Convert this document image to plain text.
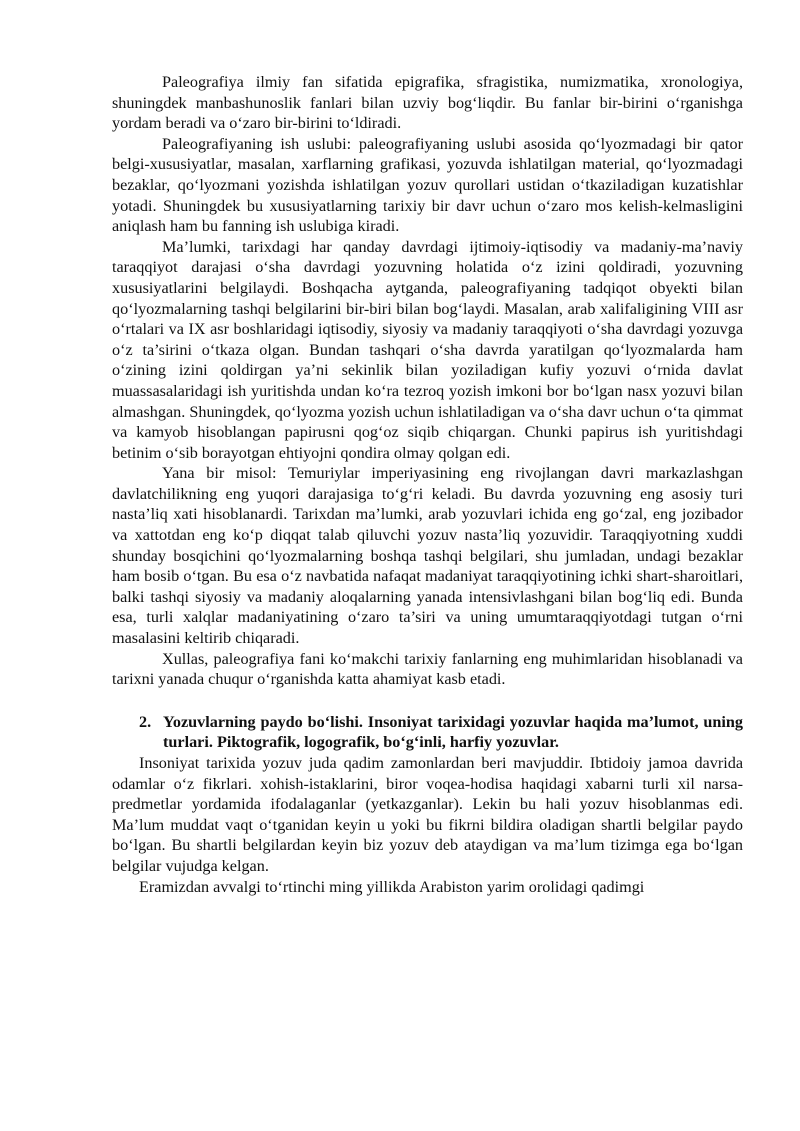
Paleografiya ilmiy fan sifatida epigrafika, sfragistika, numizmatika, xronologiya, shuningdek manbashunoslik fanlari bilan uzviy bog‘liqdir. Bu fanlar bir-birini o‘rganishga yordam beradi va o‘zaro bir-birini to‘ldiradi.

Paleografiyaning ish uslubi: paleografiyaning uslubi asosida qo‘lyozmadagi bir qator belgi-xususiyatlar, masalan, xarflarning grafikasi, yozuvda ishlatilgan material, qo‘lyozmadagi bezaklar, qo‘lyozmani yozishda ishlatilgan yozuv qurollari ustidan o‘tkaziladigan kuzatishlar yotadi. Shuningdek bu xususiyatlarning tarixiy bir davr uchun o‘zaro mos kelish-kelmasligini aniqlash ham bu fanning ish uslubiga kiradi.

Ma’lumki, tarixdagi har qanday davrdagi ijtimoiy-iqtisodiy va madaniy-ma’naviy taraqqiyot darajasi o‘sha davrdagi yozuvning holatida o‘z izini qoldiradi, yozuvning xususiyatlarini belgilaydi. Boshqacha aytganda, paleografiyaning tadqiqot obyekti bilan qo‘lyozmalarning tashqi belgilarini bir-biri bilan bog‘laydi. Masalan, arab xalifaligining VIII asr o‘rtalari va IX asr boshlaridagi iqtisodiy, siyosiy va madaniy taraqqiyoti o‘sha davrdagi yozuvga o‘z ta’sirini o‘tkaza olgan. Bundan tashqari o‘sha davrda yaratilgan qo‘lyozmalarda ham o‘zining izini qoldirgan ya’ni sekinlik bilan yoziladigan kufiy yozuvi o‘rnida davlat muassasalaridagi ish yuritishda undan ko‘ra tezroq yozish imkoni bor bo‘lgan nasx yozuvi bilan almashgan. Shuningdek, qo‘lyozma yozish uchun ishlatiladigan va o‘sha davr uchun o‘ta qimmat va kamyob hisoblangan papirusni qog‘oz siqib chiqargan. Chunki papirus ish yuritishdagi betinim o‘sib borayotgan ehtiyojni qondira olmay qolgan edi.

Yana bir misol: Temuriylar imperiyasining eng rivojlangan davri markazlashgan davlatchilikning eng yuqori darajasiga to‘g‘ri keladi. Bu davrda yozuvning eng asosiy turi nasta’liq xati hisoblanardi. Tarixdan ma’lumki, arab yozuvlari ichida eng go‘zal, eng jozibador va xattotdan eng ko‘p diqqat talab qiluvchi yozuv nasta’liq yozuvidir. Taraqqiyotning xuddi shunday bosqichini qo‘lyozmalarning boshqa tashqi belgilari, shu jumladan, undagi bezaklar ham bosib o‘tgan. Bu esa o‘z navbatida nafaqat madaniyat taraqqiyotining ichki shart-sharoitlari, balki tashqi siyosiy va madaniy aloqalarning yanada intensivlashgani bilan bog‘liq edi. Bunda esa, turli xalqlar madaniyatining o‘zaro ta’siri va uning umumtaraqqiyotdagi tutgan o‘rni masalasini keltirib chiqaradi.

Xullas, paleografiya fani ko‘makchi tarixiy fanlarning eng muhimlaridan hisoblanadi va tarixni yanada chuqur o‘rganishda katta ahamiyat kasb etadi.

2. Yozuvlarning paydo bo‘lishi. Insoniyat tarixidagi yozuvlar haqida ma’lumot, uning turlari. Piktografik, logografik, bo‘g‘inli, harfiy yozuvlar.

Insoniyat tarixida yozuv juda qadim zamonlardan beri mavjuddir. Ibtidoiy jamoa davrida odamlar o‘z fikrlari. xohish-istaklarini, biror voqea-hodisa haqidagi xabarni turli xil narsa-predmetlar yordamida ifodalaganlar (yetkazganlar). Lekin bu hali yozuv hisoblanmas edi. Ma’lum muddat vaqt o‘tganidan keyin u yoki bu fikrni bildira oladigan shartli belgilar paydo bo‘lgan. Bu shartli belgilardan keyin biz yozuv deb ataydigan va ma’lum tizimga ega bo‘lgan belgilar vujudga kelgan.

Eramizdan avvalgi to‘rtinchi ming yillikda Arabiston yarim orolidagi qadimgi
